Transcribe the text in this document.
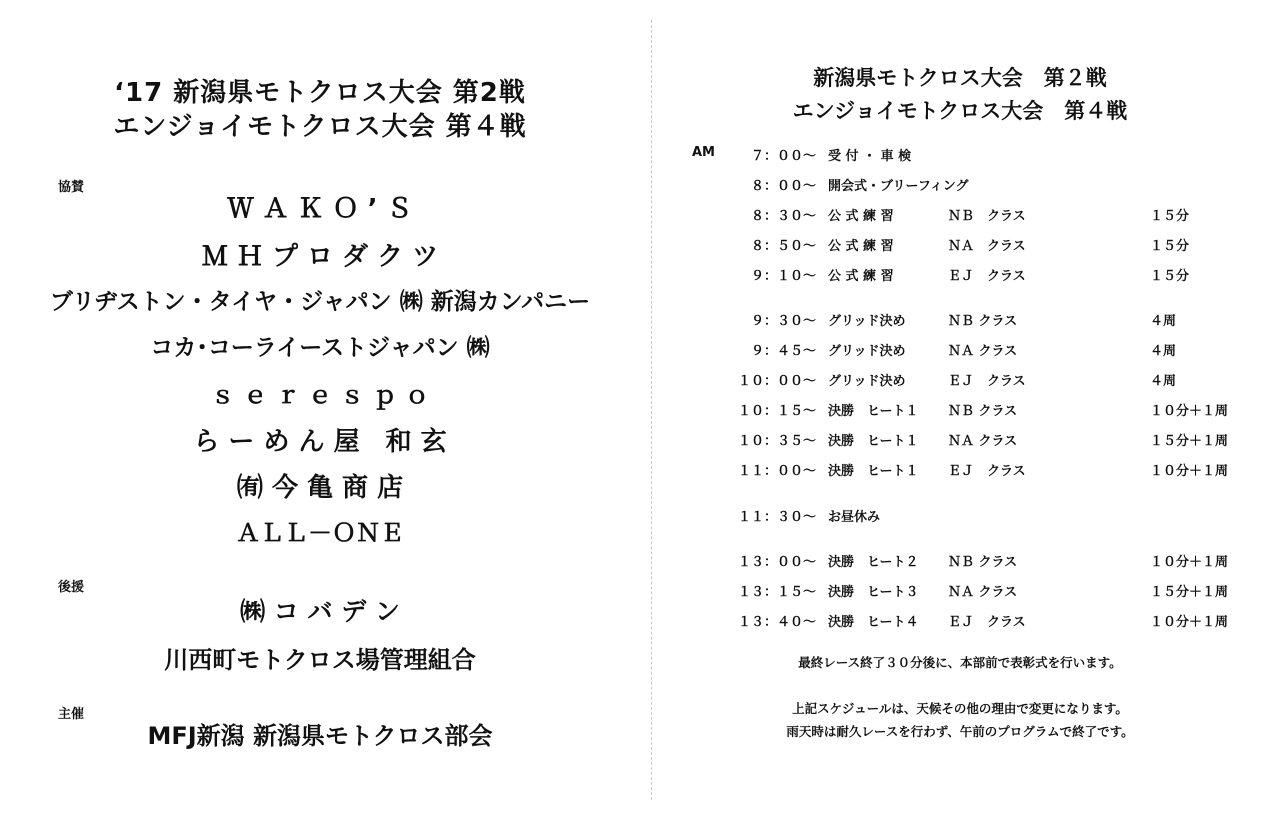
‘17 新潟県モトクロス大会 第2戦
エンジョイモトクロス大会 第４戦
協賛
Ｗ Ａ Ｋ Ｏ ’ Ｓ
Ｍ Ｈ プ ロ ダ ク ツ
ブリヂストン・タイヤ・ジャパン ㈱ 新潟カンパニー
コカ･コーライーストジャパン ㈱
ｓ ｅ ｒ ｅ ｓ ｐ ｏ
ら ー め ん 屋　和 玄
㈲ 今 亀 商 店
ＡＬＬ－ＯＮＥ
後援
㈱ コ バ デ ン
川西町モトクロス場管理組合
主催
MFJ新潟 新潟県モトクロス部会
新潟県モトクロス大会　第２戦
エンジョイモトクロス大会　第４戦
AM	７：００～ 受 付 ・ 車 検
８：００～ 開会式・ブリーフィング
８：３０～ 公 式 練 習	ＮＢ　クラス	１５分
８：５０～ 公 式 練 習	ＮＡ　クラス	１５分
９：１０～ 公 式 練 習	ＥＪ　クラス	１５分
９：３０～ グリッド決め	ＮＢ クラス	４周
９：４５～ グリッド決め	ＮＡ クラス	４周
１０：００～ グリッド決め	ＥＪ　クラス	４周
１０：１５～ 決勝　ヒート１ ＮＢ クラス	１０分＋１周
１０：３５～ 決勝　ヒート１ ＮＡ クラス	１５分＋１周
１１：００～ 決勝　ヒート１ ＥＪ　クラス	１０分＋１周
１１：３０～ お昼休み
１３：００～ 決勝　ヒート２ ＮＢ クラス	１０分＋１周
１３：１５～ 決勝　ヒート３ ＮＡ クラス	１５分＋１周
１３：４０～ 決勝　ヒート４ ＥＪ　クラス	１０分＋１周
最終レース終了３０分後に、本部前で表彰式を行います。
上記スケジュールは、天候その他の理由で変更になります。
雨天時は耐久レースを行わず、午前のプログラムで終了です。
